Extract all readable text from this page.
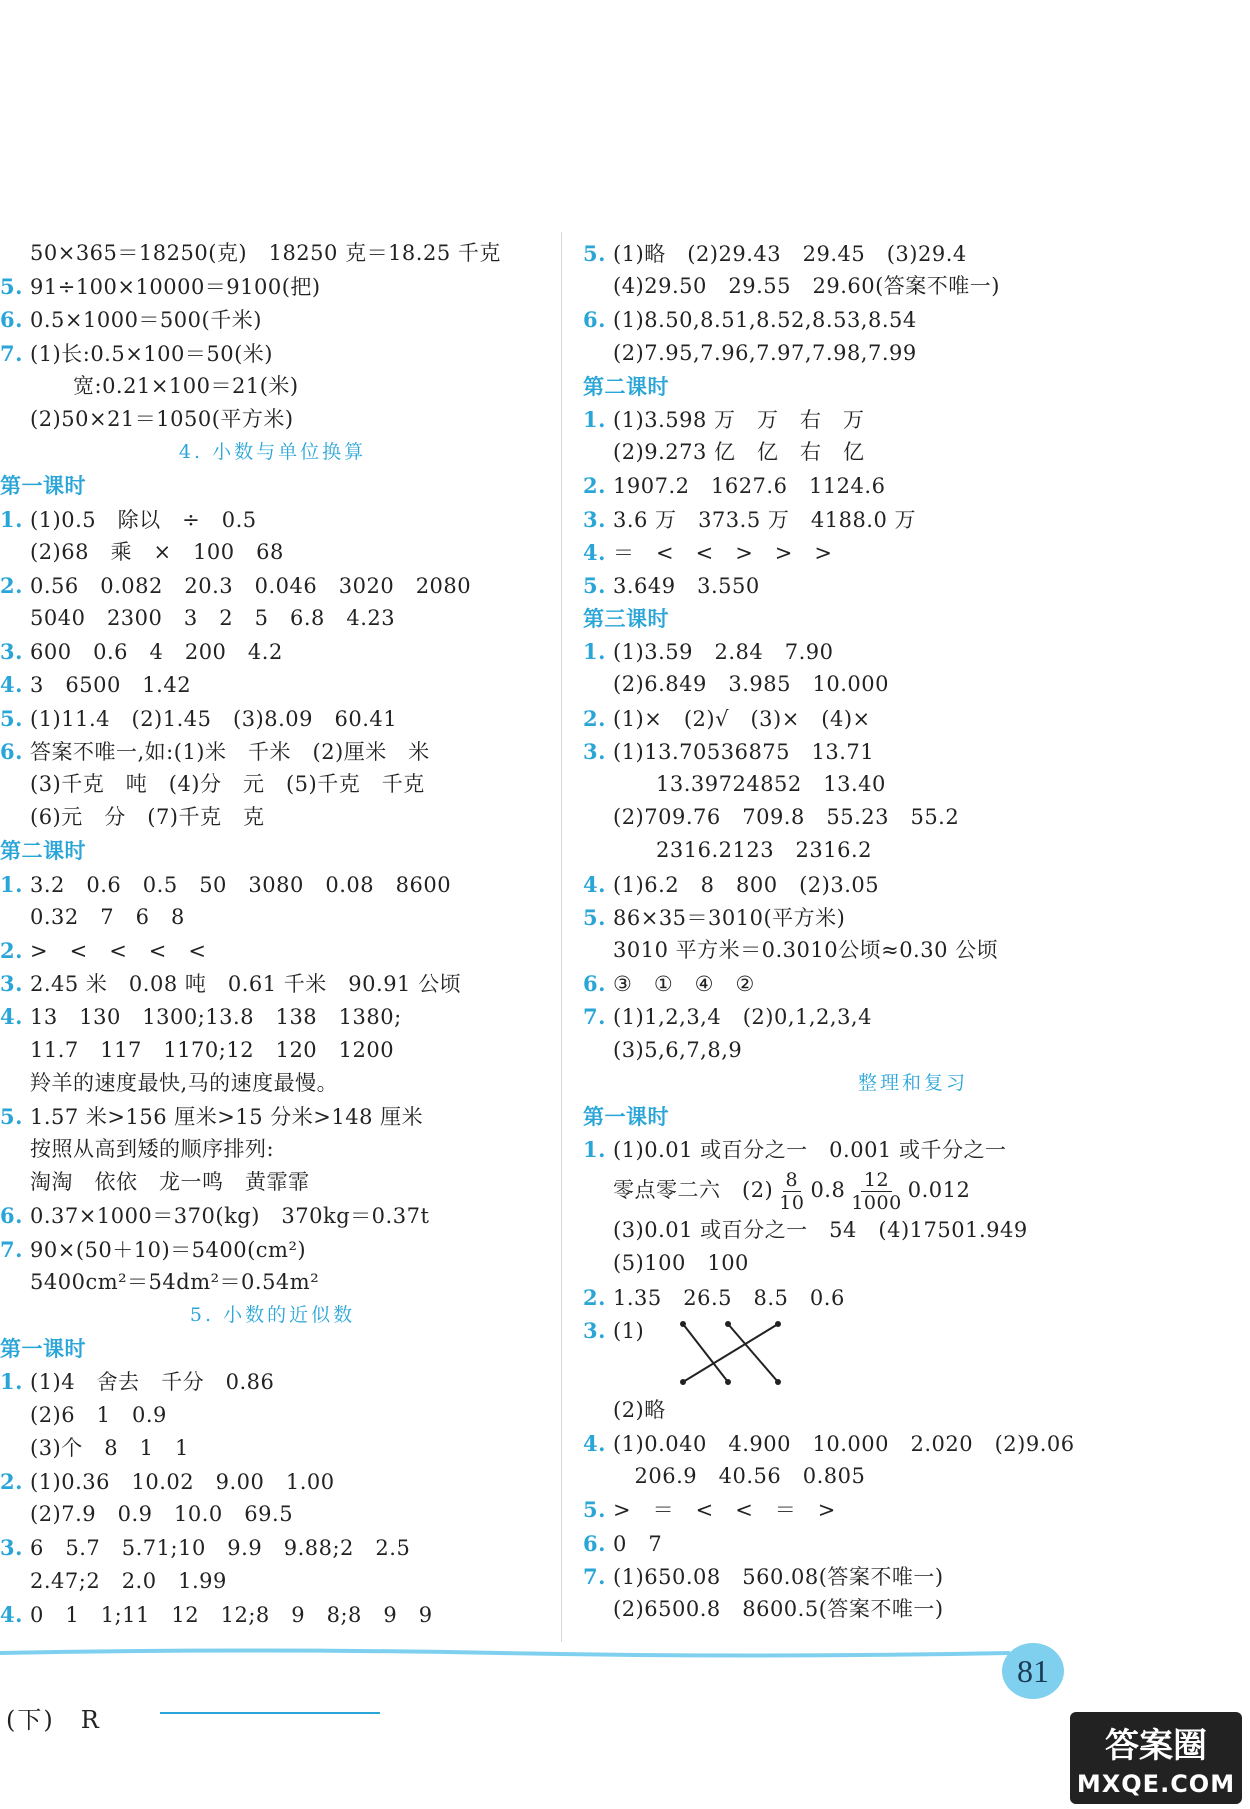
50×365＝18250(克)　18250 克＝18.25 千克
5. 91÷100×10000＝9100(把)
6. 0.5×1000＝500(千米)
7. (1)长:0.5×100＝50(米)
　　宽:0.21×100＝21(米)
(2)50×21＝1050(平方米)
4. 小数与单位换算
第一课时
1. (1)0.5　除以　÷　0.5
(2)68　乘　×　100　68
2. 0.56　0.082　20.3　0.046　3020　2080
5040　2300　3　2　5　6.8　4.23
3. 600　0.6　4　200　4.2
4. 3　6500　1.42
5. (1)11.4　(2)1.45　(3)8.09　60.41
6. 答案不唯一,如:(1)米　千米　(2)厘米　米
(3)千克　吨　(4)分　元　(5)千克　千克
(6)元　分　(7)千克　克
第二课时
1. 3.2　0.6　0.5　50　3080　0.08　8600
0.32　7　6　8
2. >　<　<　<　<
3. 2.45 米　0.08 吨　0.61 千米　90.91 公顷
4. 13　130　1300;13.8　138　1380;
11.7　117　1170;12　120　1200
羚羊的速度最快,马的速度最慢。
5. 1.57 米>156 厘米>15 分米>148 厘米
按照从高到矮的顺序排列:
淘淘　依依　龙一鸣　黄霏霏
6. 0.37×1000＝370(kg)　370kg＝0.37t
7. 90×(50＋10)＝5400(cm²)
5400cm²＝54dm²＝0.54m²
5. 小数的近似数
第一课时
1. (1)4　舍去　千分　0.86
(2)6　1　0.9
(3)个　8　1　1
2. (1)0.36　10.02　9.00　1.00
(2)7.9　0.9　10.0　69.5
3. 6　5.7　5.71;10　9.9　9.88;2　2.5
2.47;2　2.0　1.99
4. 0　1　1;11　12　12;8　9　8;8　9　9
5. (1)略　(2)29.43　29.45　(3)29.4
(4)29.50　29.55　29.60(答案不唯一)
6. (1)8.50,8.51,8.52,8.53,8.54
(2)7.95,7.96,7.97,7.98,7.99
第二课时
1. (1)3.598 万　万　右　万
(2)9.273 亿　亿　右　亿
2. 1907.2　1627.6　1124.6
3. 3.6 万　373.5 万　4188.0 万
4. ＝　<　<　>　>　>
5. 3.649　3.550
第三课时
1. (1)3.59　2.84　7.90
(2)6.849　3.985　10.000
2. (1)×　(2)√　(3)×　(4)×
3. (1)13.70536875　13.71
　　13.39724852　13.40
(2)709.76　709.8　55.23　55.2
　　2316.2123　2316.2
4. (1)6.2　8　800　(2)3.05
5. 86×35＝3010(平方米)
3010 平方米＝0.3010公顷≈0.30 公顷
6. ③　①　④　②
7. (1)1,2,3,4　(2)0,1,2,3,4
(3)5,6,7,8,9
整理和复习
第一课时
1. (1)0.01 或百分之一　0.001 或千分之一
零点零二六　$(2) \frac{8}{10} 0.8 \frac{12}{1000} 0.012$
(3)0.01 或百分之一　54　(4)17501.949
(5)100　100
2. 1.35　26.5　8.5　0.6
3. (1)
(2)略
4. (1)0.040　4.900　10.000　2.020　(2)9.06
　206.9　40.56　0.805
5. >　＝　<　<　＝　>
6. 0　7
7. (1)650.08　560.08(答案不唯一)
(2)6500.8　8600.5(答案不唯一)
81
(下)　R
答案圈
MXQE.COM
